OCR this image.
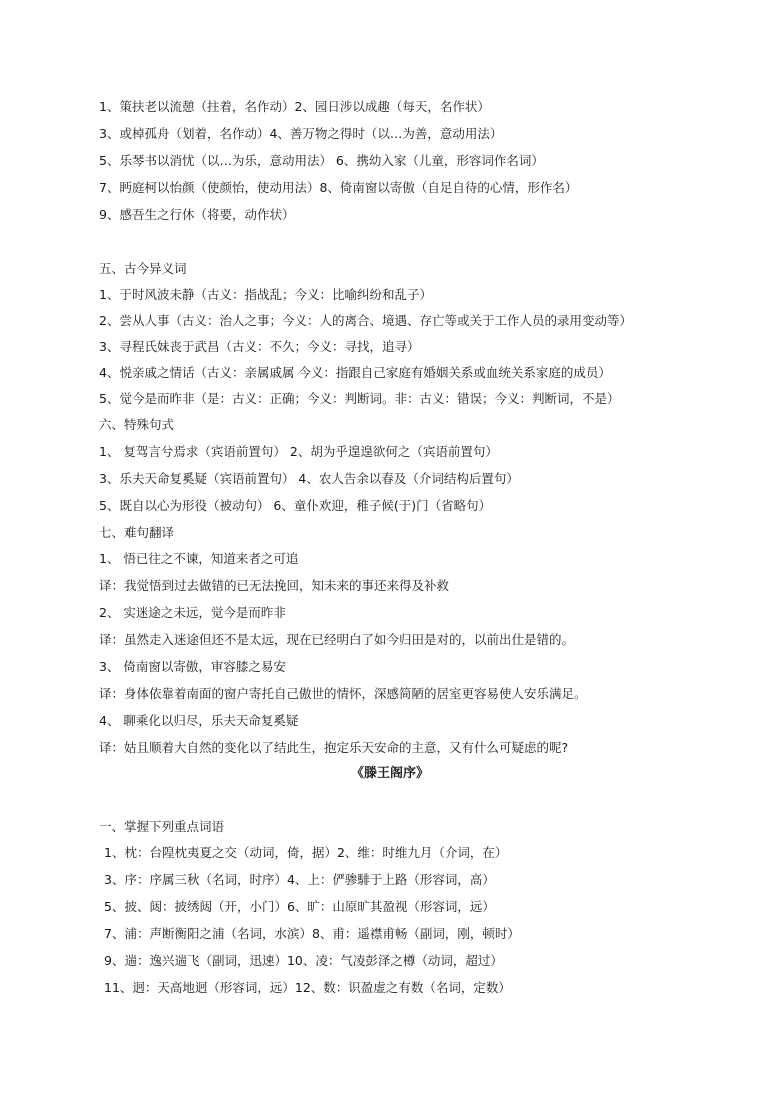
1、策扶老以流憩（拄着，名作动）2、园日涉以成趣（每天，名作状）
3、或棹孤舟（划着，名作动）4、善万物之得时（以…为善，意动用法）
5、乐琴书以消忧（以…为乐，意动用法） 6、携幼入家（儿童，形容词作名词）
7、眄庭柯以怡颜（使颜怡，使动用法）8、倚南窗以寄傲（自足自待的心情，形作名）
9、感吾生之行休（将要，动作状）
五、古今异义词
1、于时风波未静（古义：指战乱；今义：比喻纠纷和乱子）
2、尝从人事（古义：治人之事；今义：人的离合、境遇、存亡等或关于工作人员的录用变动等）
3、寻程氏妹丧于武昌（古义：不久；今义：寻找，追寻）
4、悦亲戚之情话（古义：亲属戚属 今义：指跟自己家庭有婚姻关系或血统关系家庭的成员）
5、觉今是而昨非（是：古义：正确；今义：判断词。非：古义：错误；今义：判断词，不是）
六、特殊句式
1、 复驾言兮焉求（宾语前置句） 2、胡为乎遑遑欲何之（宾语前置句）
3、乐夫天命复奚疑（宾语前置句） 4、农人告余以春及（介词结构后置句）
5、既自以心为形役（被动句） 6、童仆欢迎，稚子候(于)门（省略句）
七、难句翻译
1、 悟已往之不谏，知道来者之可追
译：我觉悟到过去做错的已无法挽回，知未来的事还来得及补救
2、 实迷途之未远，觉今是而昨非
译：虽然走入迷途但还不是太远，现在已经明白了如今归田是对的，以前出仕是错的。
3、 倚南窗以寄傲，审容膝之易安
译：身体依靠着南面的窗户寄托自己傲世的情怀，深感简陋的居室更容易使人安乐满足。
4、 聊乘化以归尽，乐夫天命复奚疑
译：姑且顺着大自然的变化以了结此生，抱定乐天安命的主意，又有什么可疑虑的呢?
《滕王阁序》
一、掌握下列重点词语
1、枕：台隍枕夷夏之交（动词，倚，据）2、维：时维九月（介词，在）
3、序：序属三秋（名词，时序）4、上：俨骖騑于上路（形容词，高）
5、披、闼：披绣闼（开，小门）6、旷：山原旷其盈视（形容词，远）
7、浦：声断衡阳之浦（名词，水滨）8、甫：遥襟甫畅（副词，刚，顿时）
9、遄：逸兴遄飞（副词，迅速）10、凌：气凌彭泽之樽（动词，超过）
11、迥：天高地迥（形容词，远）12、数：识盈虚之有数（名词，定数）
